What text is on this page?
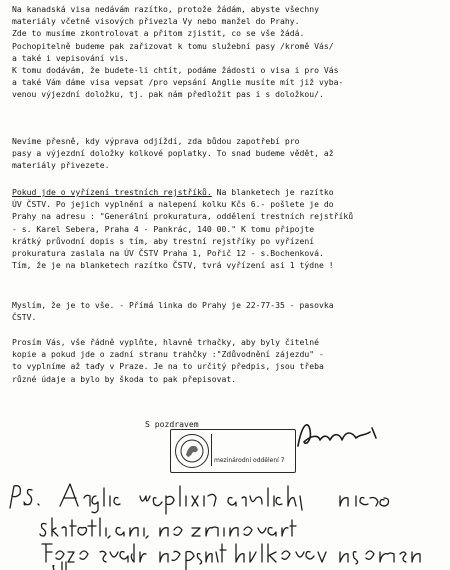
Na kanadská visa nedávám razítko, protože žádám, abyste všechny
materiály včetně visových přivezla Vy nebo manžel do Prahy.
Zde to musíme zkontrolovat a přitom zjistit, co se vše žádá.
Pochopitelně budeme pak zařizovat k tomu služební pasy /kromě Vás/
a také i vepisování vis.
K tomu dodávám, že budete-li chtít, podáme žádosti o visa i pro Vás
a také Vám dáme visa vepsat /pro vepsání Anglie musíte mít již vyba-
venou výjezdní doložku, tj. pak nám předložit pas i s doložkou/.
Nevíme přesně, kdy výprava odjíždí, zda bůdou zapotřebí pro
pasy a výjezdní doložky kolkové poplatky. To snad budeme vědět, až
materiály přivezete.
Pokud jde o vyřízení trestních rejstříků. Na blanketech je razítko
ÚV ČSTV. Po jejich vyplnění a nalepení kolku Kčs 6.- pošlete je do
Prahy na adresu : "Generální prokuratura, oddělení trestních rejstříků
- s. Karel Sebera, Praha 4 - Pankrác, 140 00." K tomu připojte
krátký průvodní dopis s tím, aby trestní rejstříky po vyřízení
prokuratura zaslala na ÚV ČSTV Praha 1, Pořič 12 - s.Bochenková.
Tím, že je na blanketech razítko ČSTV, tvrá vyřízení asi 1 týdne !
Myslím, že je to vše. - Přímá linka do Prahy je 22-77-35 - pasovka
ČSTV.
Prosím Vás, vše řádně vyplňte, hlavně trhačky, aby byly čitelné
kopie a pokud jde o zadní stranu trahčky :"Zdůvodnění zájezdu" -
to vyplníme až taďy v Praze. Je na to určitý předpis, jsou třeba
různé údaje a bylo by škoda to pak přepisovat.
S pozdravem
mezinárodní oddělení 7
